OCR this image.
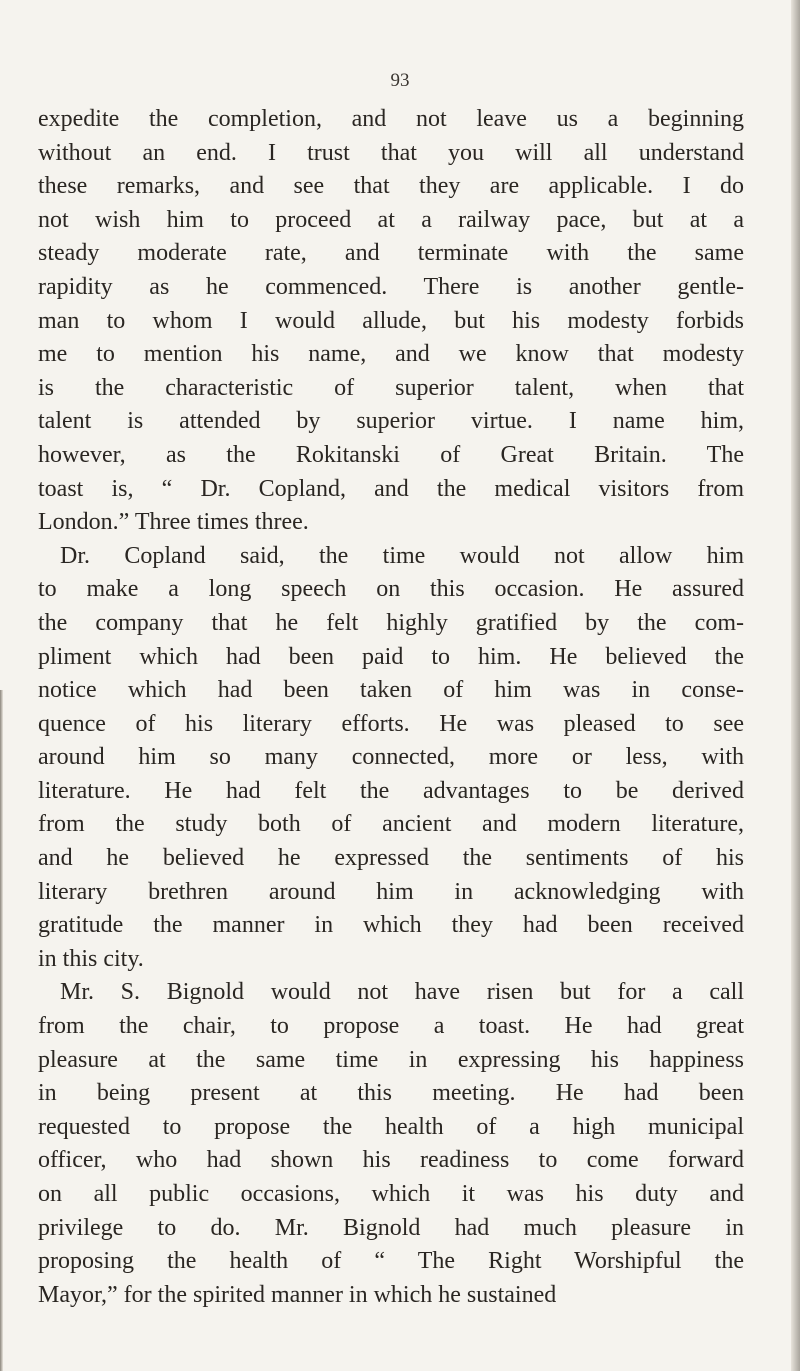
93
expedite the completion, and not leave us a beginning
without an end. I trust that you will all understand
these remarks, and see that they are applicable. I do
not wish him to proceed at a railway pace, but at a
steady moderate rate, and terminate with the same
rapidity as he commenced. There is another gentle-
man to whom I would allude, but his modesty forbids
me to mention his name, and we know that modesty
is the characteristic of superior talent, when that
talent is attended by superior virtue. I name him,
however, as the Rokitanski of Great Britain. The
toast is, “ Dr. Copland, and the medical visitors from
London.” Three times three.
Dr. Copland said, the time would not allow him
to make a long speech on this occasion. He assured
the company that he felt highly gratified by the com-
pliment which had been paid to him. He believed the
notice which had been taken of him was in conse-
quence of his literary efforts. He was pleased to see
around him so many connected, more or less, with
literature. He had felt the advantages to be derived
from the study both of ancient and modern literature,
and he believed he expressed the sentiments of his
literary brethren around him in acknowledging with
gratitude the manner in which they had been received
in this city.
Mr. S. Bignold would not have risen but for a call
from the chair, to propose a toast. He had great
pleasure at the same time in expressing his happiness
in being present at this meeting. He had been
requested to propose the health of a high municipal
officer, who had shown his readiness to come forward
on all public occasions, which it was his duty and
privilege to do. Mr. Bignold had much pleasure in
proposing the health of “ The Right Worshipful the
Mayor,” for the spirited manner in which he sustained
